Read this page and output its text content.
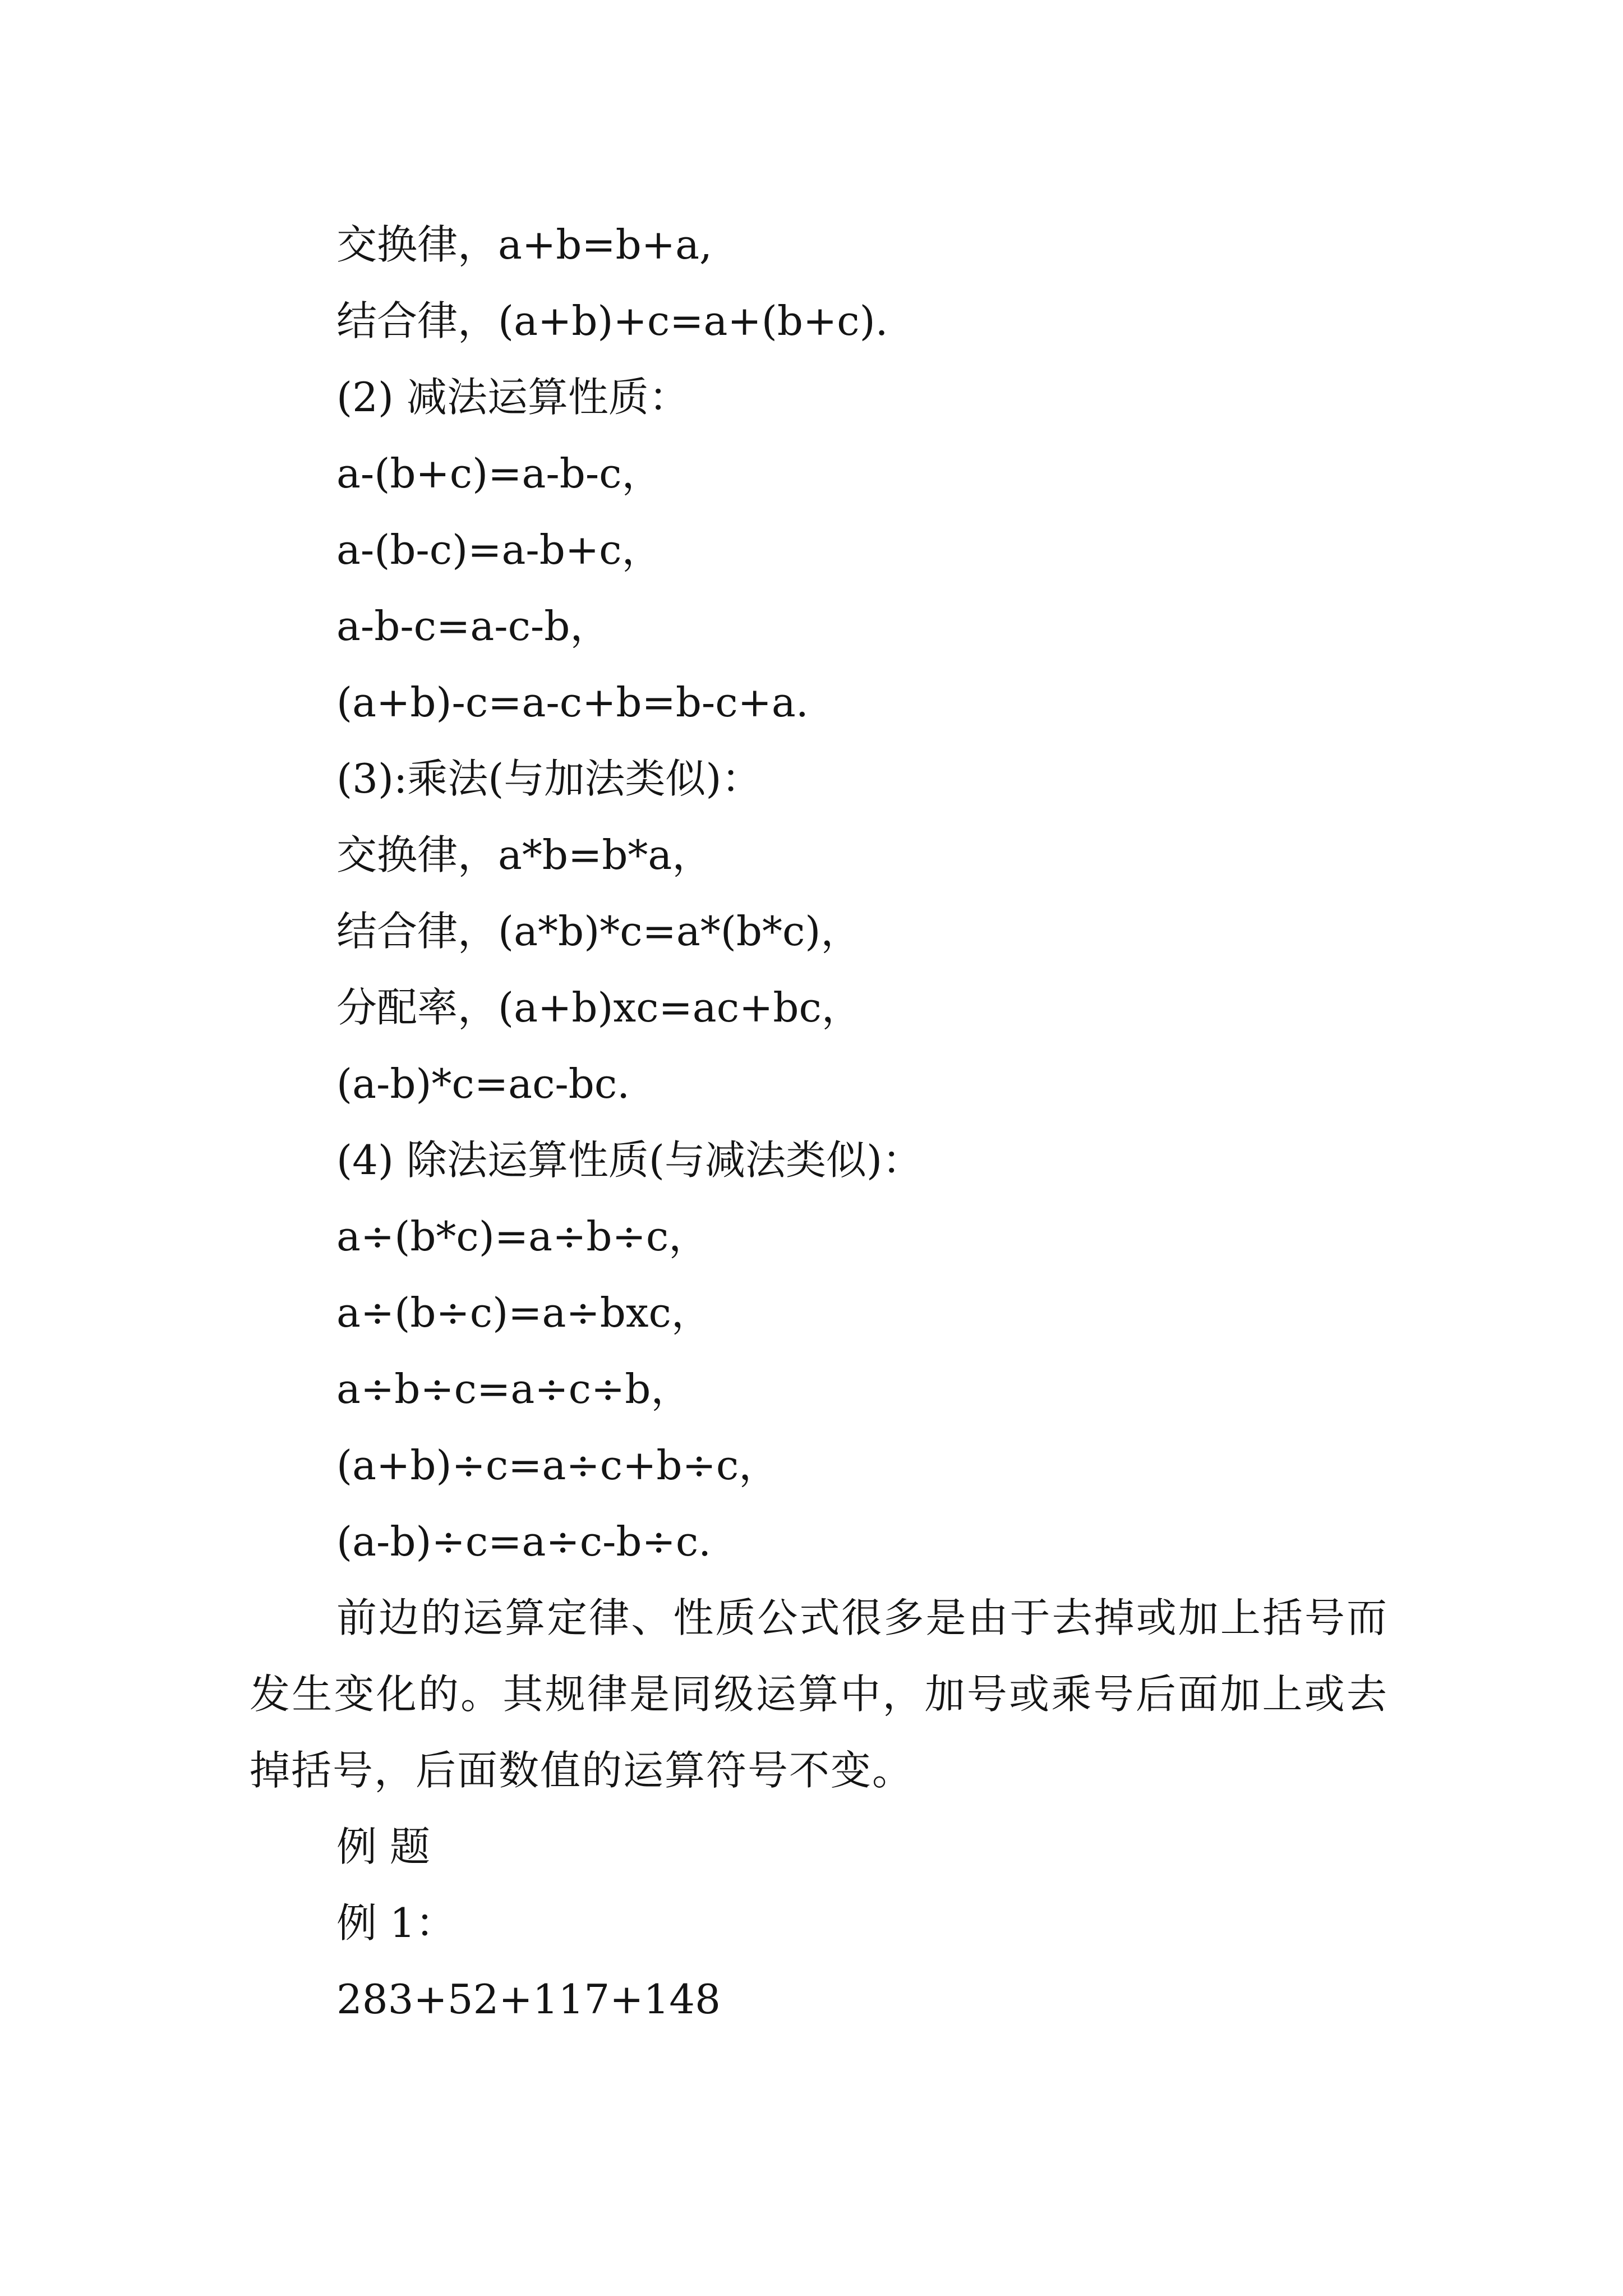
交换律，a+b=b+a,
结合律，(a+b)+c=a+(b+c).
(2) 减法运算性质：
a-(b+c)=a-b-c，
a-(b-c)=a-b+c，
a-b-c=a-c-b，
(a+b)-c=a-c+b=b-c+a.
(3):乘法(与加法类似)：
交换律，a*b=b*a，
结合律，(a*b)*c=a*(b*c)，
分配率，(a+b)xc=ac+bc，
(a-b)*c=ac-bc.
(4) 除法运算性质(与减法类似)：
a÷(b*c)=a÷b÷c，
a÷(b÷c)=a÷bxc，
a÷b÷c=a÷c÷b，
(a+b)÷c=a÷c+b÷c，
(a-b)÷c=a÷c-b÷c.
前边的运算定律、性质公式很多是由于去掉或加上括号而发生变化的。其规律是同级运算中，加号或乘号后面加上或去掉括号，后面数值的运算符号不变。
例 题
例 1：
283+52+117+148
